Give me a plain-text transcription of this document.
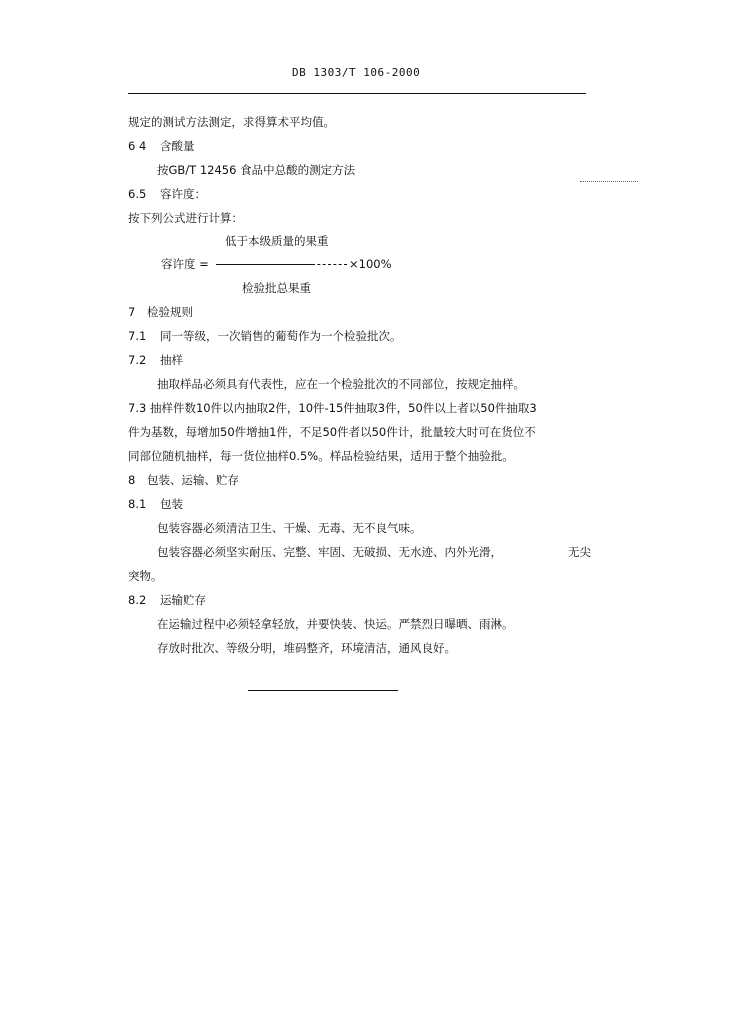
DB 1303/T 106-2000
规定的测试方法测定，求得算术平均值。
6 4 含酸量
按GB/T 12456 食品中总酸的测定方法
6.5 容许度：
按下列公式进行计算：
低于本级质量的果重
容许度 =	×100%
检验批总果重
7 检验规则
7.1 同一等级，一次销售的葡萄作为一个检验批次。
7.2 抽样
抽取样品必须具有代表性，应在一个检验批次的不同部位，按规定抽样。
7.3 抽样件数10件以内抽取2件，10件-15件抽取3件，50件以上者以50件抽取3
件为基数，每增加50件增抽1件，不足50件者以50件计，批量较大时可在货位不
同部位随机抽样，每一货位抽样0.5%。样品检验结果，适用于整个抽验批。
8 包装、运输、贮存
8.1 包装
包装容器必须清洁卫生、干燥、无毒、无不良气味。
包装容器必须坚实耐压、完整、牢固、无破损、无水迹、内外光滑，	无尖
突物。
8.2 运输贮存
在运输过程中必须轻拿轻放，并要快装、快运。严禁烈日曝晒、雨淋。
存放时批次、等级分明，堆码整齐，环境清洁，通风良好。
